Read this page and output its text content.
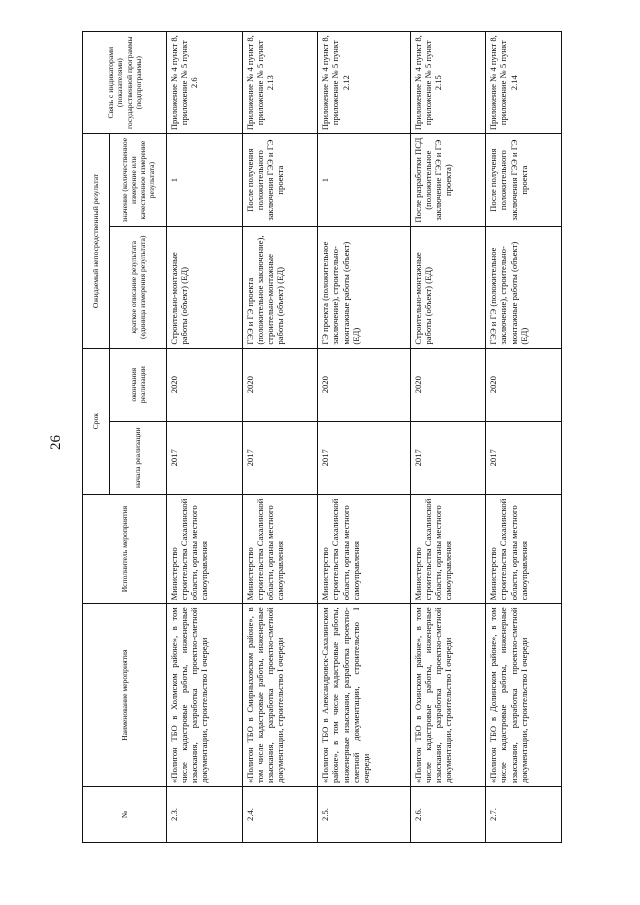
26
№	Наименование мероприятия	Исполнитель мероприятия	Срок		Ожидаемый непосредственный результат		Связь с индикаторами (показателями) государственной программы (подпрограммы)
			начала реализации	окончания реализации	краткое описание результата (единица измерения результата)	значение (количественное измерение или качественное измерение результата)	
2.3.	«Полигон ТБО в Холмском районе», в том числе кадастровые работы, инженерные изыскания, разработка проектно-сметной документации, строительство I очереди	Министерство строительства Сахалинской области, органы местного самоуправления	2017	2020	Строительно-монтажные работы (объект) (ЕД)	1	Приложение № 4 пункт 8, приложение № 5 пункт 2.6
2.4.	«Полигон ТБО в Смирныховском районе», в том числе кадастровые работы, инженерные изыскания, разработка проектно-сметной документации, строительство I очереди	Министерство строительства Сахалинской области, органы местного самоуправления	2017	2020	ГЭЭ и ГЭ проекта (положительное заключение), строительно-монтажные работы (объект) (ЕД)	После получения положительного заключения ГЭЭ и ГЭ проекта	Приложение № 4 пункт 8, приложение № 5 пункт 2.13
2.5.	«Полигон ТБО в Александровск-Сахалинском районе», в том числе кадастровые работы, инженерные изыскания, разработка проектно-сметной документации, строительство I очереди	Министерство строительства Сахалинской области, органы местного самоуправления	2017	2020	ГЭ проекта (положительное заключение), строительно-монтажные работы (объект) (ЕД)	1	Приложение № 4 пункт 8, приложение № 5 пункт 2.12
2.6.	«Полигон ТБО в Охинском районе», в том числе кадастровые работы, инженерные изыскания, разработка проектно-сметной документации, строительство I очереди	Министерство строительства Сахалинской области, органы местного самоуправления	2017	2020	Строительно-монтажные работы (объект) (ЕД)	После разработки ПСД (положительное заключение ГЭЭ и ГЭ проекта)	Приложение № 4 пункт 8, приложение № 5 пункт 2.15
2.7.	«Полигон ТБО в Долинском районе», в том числе кадастровые работы, инженерные изыскания, разработка проектно-сметной документации, строительство I очереди	Министерство строительства Сахалинской области, органы местного самоуправления	2017	2020	ГЭЭ и ГЭ (положительное заключение), строительно-монтажные работы (объект) (ЕД)	После получения положительного заключения ГЭЭ и ГЭ проекта	Приложение № 4 пункт 8, приложение № 5 пункт 2.14
